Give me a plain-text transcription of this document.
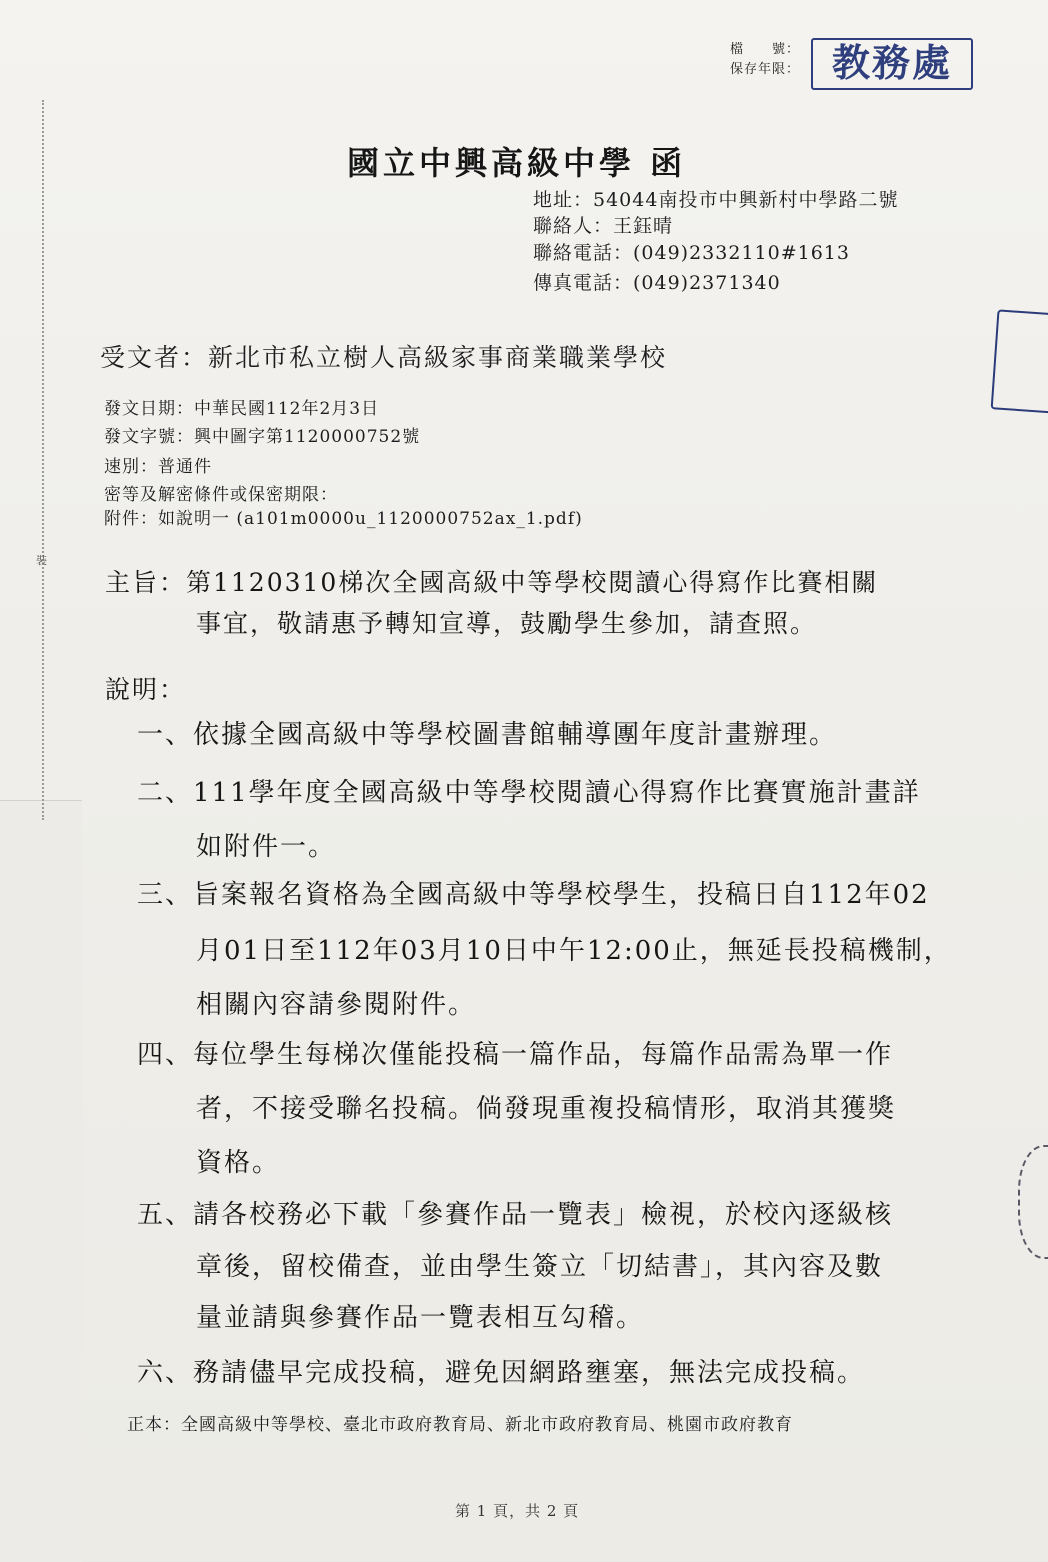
裝
檔　　號：
保存年限： 教務處
國立中興高級中學 函
地址：54044南投市中興新村中學路二號
聯絡人：王鈺晴
聯絡電話：(049)2332110#1613
傳真電話：(049)2371340
受文者：新北市私立樹人高級家事商業職業學校
發文日期：中華民國112年2月3日
發文字號：興中圖字第1120000752號
速別：普通件
密等及解密條件或保密期限：
附件：如說明一 (a101m0000u_1120000752ax_1.pdf)
主旨：第1120310梯次全國高級中等學校閱讀心得寫作比賽相關
事宜，敬請惠予轉知宣導，鼓勵學生參加，請查照。
說明：
一、依據全國高級中等學校圖書館輔導團年度計畫辦理。
二、111學年度全國高級中等學校閱讀心得寫作比賽實施計畫詳
如附件一。
三、旨案報名資格為全國高級中等學校學生，投稿日自112年02
月01日至112年03月10日中午12:00止，無延長投稿機制，
相關內容請參閱附件。
四、每位學生每梯次僅能投稿一篇作品，每篇作品需為單一作
者，不接受聯名投稿。倘發現重複投稿情形，取消其獲獎
資格。
五、請各校務必下載「參賽作品一覽表」檢視，於校內逐級核
章後，留校備查，並由學生簽立「切結書」，其內容及數
量並請與參賽作品一覽表相互勾稽。
六、務請儘早完成投稿，避免因網路壅塞，無法完成投稿。
正本：全國高級中等學校、臺北市政府教育局、新北市政府教育局、桃園市政府教育
第 1 頁，共 2 頁
